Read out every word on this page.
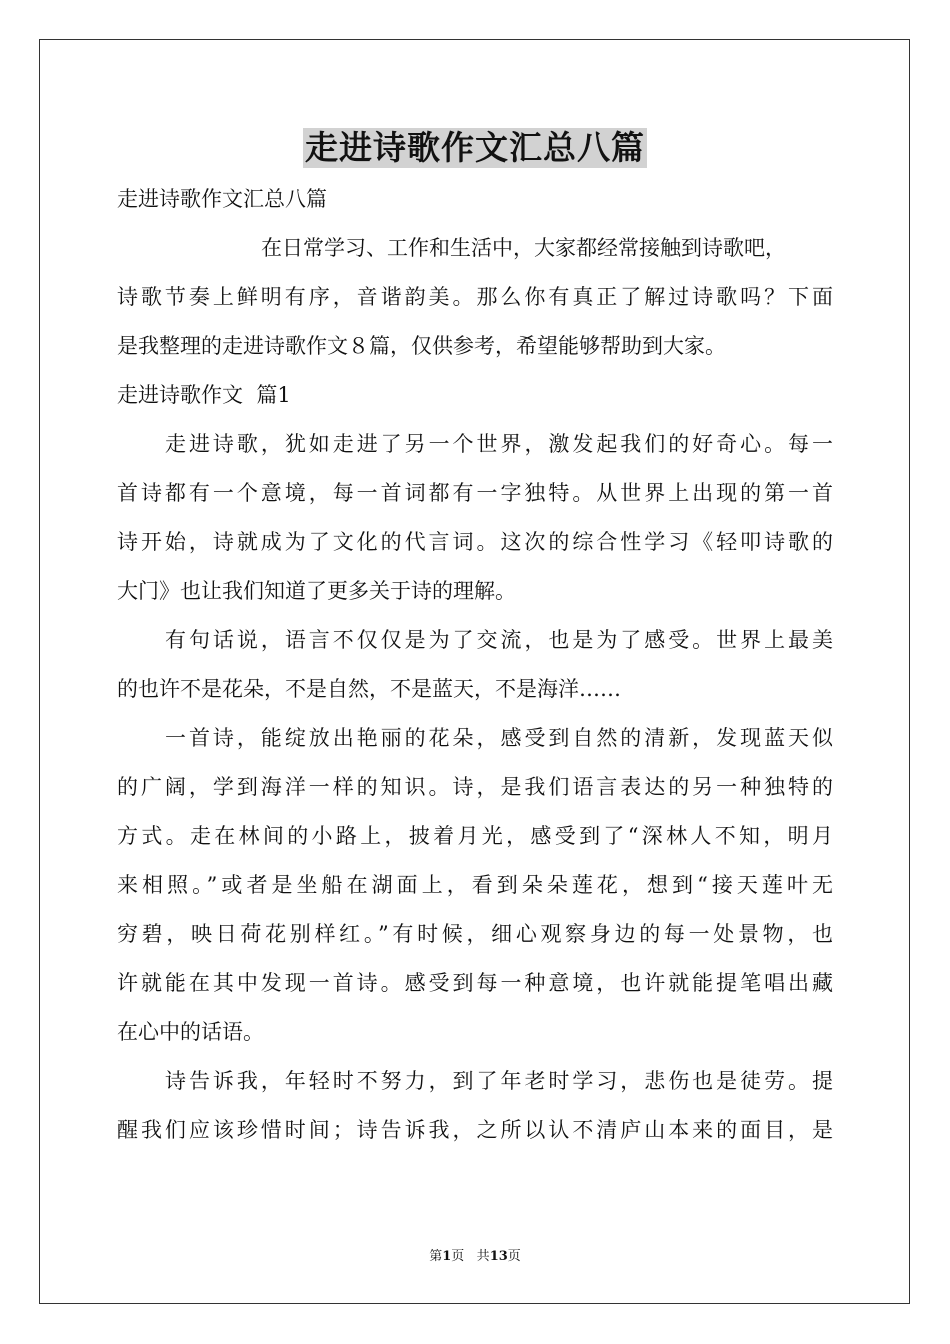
走进诗歌作文汇总八篇
走进诗歌作文汇总八篇
在日常学习、工作和生活中，大家都经常接触到诗歌吧，
诗歌节奏上鲜明有序，音谐韵美。那么你有真正了解过诗歌吗？下面
是我整理的走进诗歌作文８篇，仅供参考，希望能够帮助到大家。
走进诗歌作文  篇1
走进诗歌，犹如走进了另一个世界，激发起我们的好奇心。每一
首诗都有一个意境，每一首词都有一字独特。从世界上出现的第一首
诗开始，诗就成为了文化的代言词。这次的综合性学习《轻叩诗歌的
大门》也让我们知道了更多关于诗的理解。
有句话说，语言不仅仅是为了交流，也是为了感受。世界上最美
的也许不是花朵，不是自然，不是蓝天，不是海洋……
一首诗，能绽放出艳丽的花朵，感受到自然的清新，发现蓝天似
的广阔，学到海洋一样的知识。诗，是我们语言表达的另一种独特的
方式。走在林间的小路上，披着月光，感受到了“深林人不知，明月
来相照。”或者是坐船在湖面上，看到朵朵莲花，想到“接天莲叶无
穷碧，映日荷花别样红。”有时候，细心观察身边的每一处景物，也
许就能在其中发现一首诗。感受到每一种意境，也许就能提笔唱出藏
在心中的话语。
诗告诉我，年轻时不努力，到了年老时学习，悲伤也是徒劳。提
醒我们应该珍惜时间；诗告诉我，之所以认不清庐山本来的面目，是
第1页 共13页
